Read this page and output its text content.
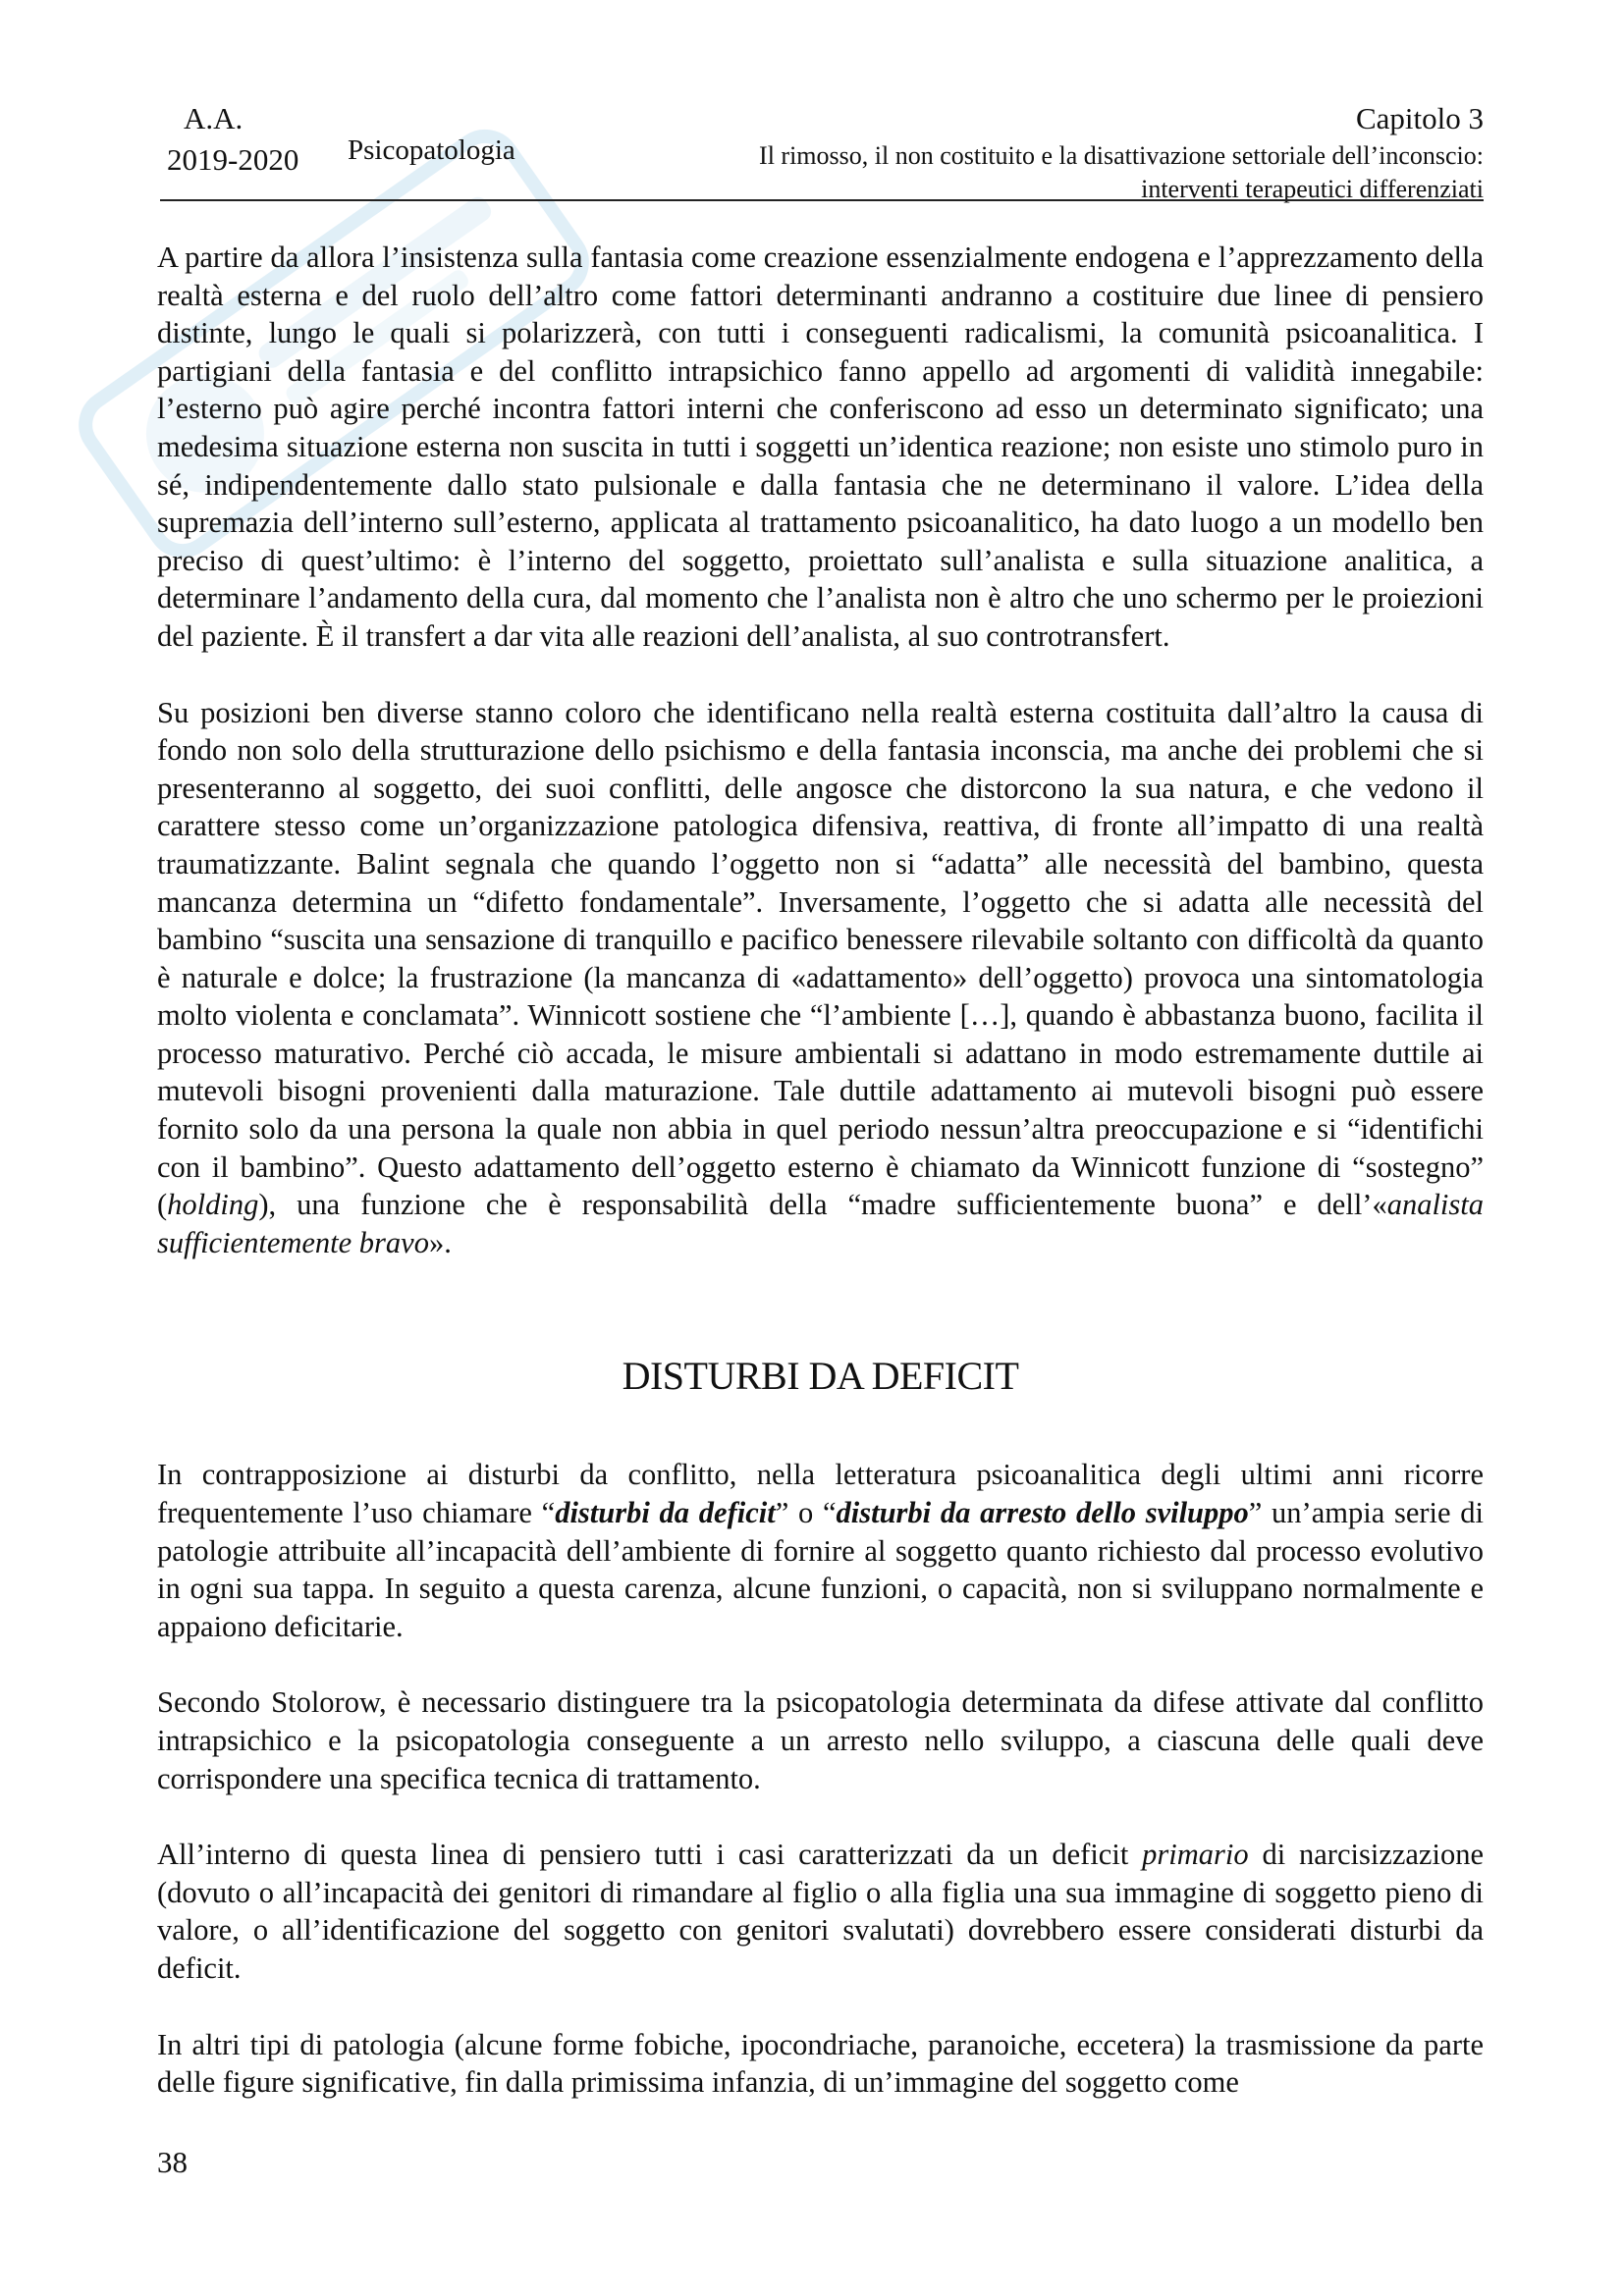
A.A.
2019-2020 Psicopatologia
Capitolo 3
Il rimosso, il non costituito e la disattivazione settoriale dell’inconscio:
interventi terapeutici differenziati

A partire da allora l’insistenza sulla fantasia come creazione essenzialmente endogena e l’apprezzamento della realtà esterna e del ruolo dell’altro come fattori determinanti andranno a costituire due linee di pensiero distinte, lungo le quali si polarizzerà, con tutti i conseguenti radicalismi, la comunità psicoanalitica. I partigiani della fantasia e del conflitto intrapsichico fanno appello ad argomenti di validità innegabile: l’esterno può agire perché incontra fattori interni che conferiscono ad esso un determinato significato; una medesima situazione esterna non suscita in tutti i soggetti un’identica reazione; non esiste uno stimolo puro in sé, indipendentemente dallo stato pulsionale e dalla fantasia che ne determinano il valore. L’idea della supremazia dell’interno sull’esterno, applicata al trattamento psicoanalitico, ha dato luogo a un modello ben preciso di quest’ultimo: è l’interno del soggetto, proiettato sull’analista e sulla situazione analitica, a determinare l’andamento della cura, dal momento che l’analista non è altro che uno schermo per le proiezioni del paziente. È il transfert a dar vita alle reazioni dell’analista, al suo controtransfert.

Su posizioni ben diverse stanno coloro che identificano nella realtà esterna costituita dall’altro la causa di fondo non solo della strutturazione dello psichismo e della fantasia inconscia, ma anche dei problemi che si presenteranno al soggetto, dei suoi conflitti, delle angosce che distorcono la sua natura, e che vedono il carattere stesso come un’organizzazione patologica difensiva, reattiva, di fronte all’impatto di una realtà traumatizzante. Balint segnala che quando l’oggetto non si “adatta” alle necessità del bambino, questa mancanza determina un “difetto fondamentale”. Inversamente, l’oggetto che si adatta alle necessità del bambino “suscita una sensazione di tranquillo e pacifico benessere rilevabile soltanto con difficoltà da quanto è naturale e dolce; la frustrazione (la mancanza di «adattamento» dell’oggetto) provoca una sintomatologia molto violenta e conclamata”. Winnicott sostiene che “l’ambiente […], quando è abbastanza buono, facilita il processo maturativo. Perché ciò accada, le misure ambientali si adattano in modo estremamente duttile ai mutevoli bisogni provenienti dalla maturazione. Tale duttile adattamento ai mutevoli bisogni può essere fornito solo da una persona la quale non abbia in quel periodo nessun’altra preoccupazione e si “identifichi con il bambino”. Questo adattamento dell’oggetto esterno è chiamato da Winnicott funzione di “sostegno” (holding), una funzione che è responsabilità della “madre sufficientemente buona” e dell’«analista sufficientemente bravo».

DISTURBI DA DEFICIT

In contrapposizione ai disturbi da conflitto, nella letteratura psicoanalitica degli ultimi anni ricorre frequentemente l’uso chiamare “disturbi da deficit” o “disturbi da arresto dello sviluppo” un’ampia serie di patologie attribuite all’incapacità dell’ambiente di fornire al soggetto quanto richiesto dal processo evolutivo in ogni sua tappa. In seguito a questa carenza, alcune funzioni, o capacità, non si sviluppano normalmente e appaiono deficitarie.

Secondo Stolorow, è necessario distinguere tra la psicopatologia determinata da difese attivate dal conflitto intrapsichico e la psicopatologia conseguente a un arresto nello sviluppo, a ciascuna delle quali deve corrispondere una specifica tecnica di trattamento.

All’interno di questa linea di pensiero tutti i casi caratterizzati da un deficit primario di narcisizzazione (dovuto o all’incapacità dei genitori di rimandare al figlio o alla figlia una sua immagine di soggetto pieno di valore, o all’identificazione del soggetto con genitori svalutati) dovrebbero essere considerati disturbi da deficit.

In altri tipi di patologia (alcune forme fobiche, ipocondriache, paranoiche, eccetera) la trasmissione da parte delle figure significative, fin dalla primissima infanzia, di un’immagine del soggetto come

38
